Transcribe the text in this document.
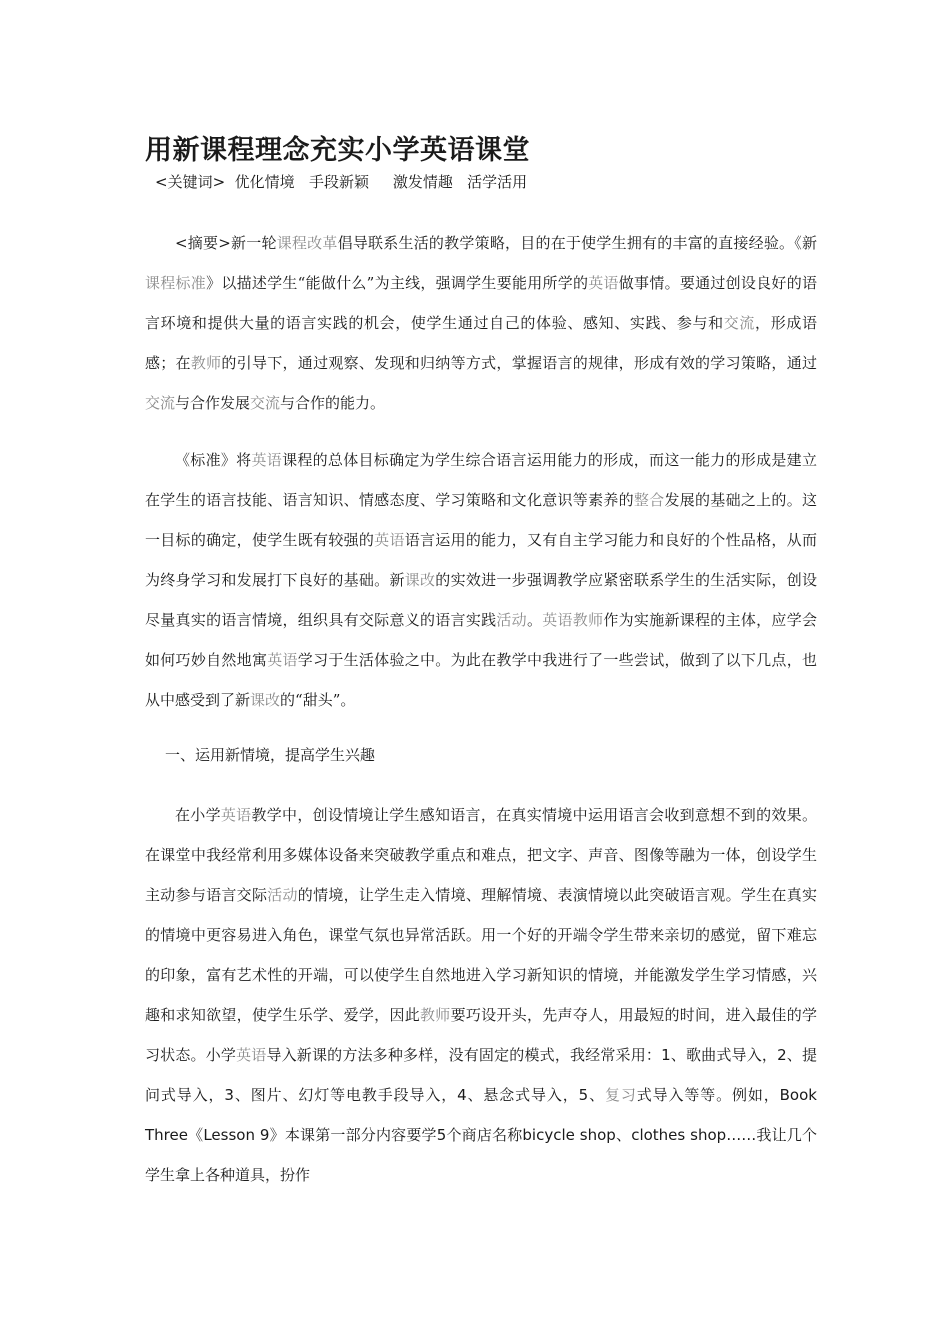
用新课程理念充实小学英语课堂
<关键词>  优化情境   手段新颖     激发情趣   活学活用

<摘要>新一轮课程改革倡导联系生活的教学策略，目的在于使学生拥有的丰富的直接经验。《新课程标准》以描述学生“能做什么”为主线，强调学生要能用所学的英语做事情。要通过创设良好的语言环境和提供大量的语言实践的机会，使学生通过自己的体验、感知、实践、参与和交流，形成语感；在教师的引导下，通过观察、发现和归纳等方式，掌握语言的规律，形成有效的学习策略，通过交流与合作发展交流与合作的能力。

《标准》将英语课程的总体目标确定为学生综合语言运用能力的形成，而这一能力的形成是建立在学生的语言技能、语言知识、情感态度、学习策略和文化意识等素养的整合发展的基础之上的。这一目标的确定，使学生既有较强的英语语言运用的能力，又有自主学习能力和良好的个性品格，从而为终身学习和发展打下良好的基础。新课改的实效进一步强调教学应紧密联系学生的生活实际，创设尽量真实的语言情境，组织具有交际意义的语言实践活动。英语教师作为实施新课程的主体，应学会如何巧妙自然地寓英语学习于生活体验之中。为此在教学中我进行了一些尝试，做到了以下几点，也从中感受到了新课改的“甜头”。

一、运用新情境，提高学生兴趣

在小学英语教学中，创设情境让学生感知语言，在真实情境中运用语言会收到意想不到的效果。在课堂中我经常利用多媒体设备来突破教学重点和难点，把文字、声音、图像等融为一体，创设学生主动参与语言交际活动的情境，让学生走入情境、理解情境、表演情境以此突破语言观。学生在真实的情境中更容易进入角色，课堂气氛也异常活跃。用一个好的开端令学生带来亲切的感觉，留下难忘的印象，富有艺术性的开端，可以使学生自然地进入学习新知识的情境，并能激发学生学习情感，兴趣和求知欲望，使学生乐学、爱学，因此教师要巧设开头，先声夺人，用最短的时间，进入最佳的学习状态。小学英语导入新课的方法多种多样，没有固定的模式，我经常采用：1、歌曲式导入，2、提问式导入，3、图片、幻灯等电教手段导入，4、悬念式导入，5、复习式导入等等。例如，Book Three《Lesson 9》本课第一部分内容要学5个商店名称bicycle shop、clothes shop……我让几个学生拿上各种道具，扮作
